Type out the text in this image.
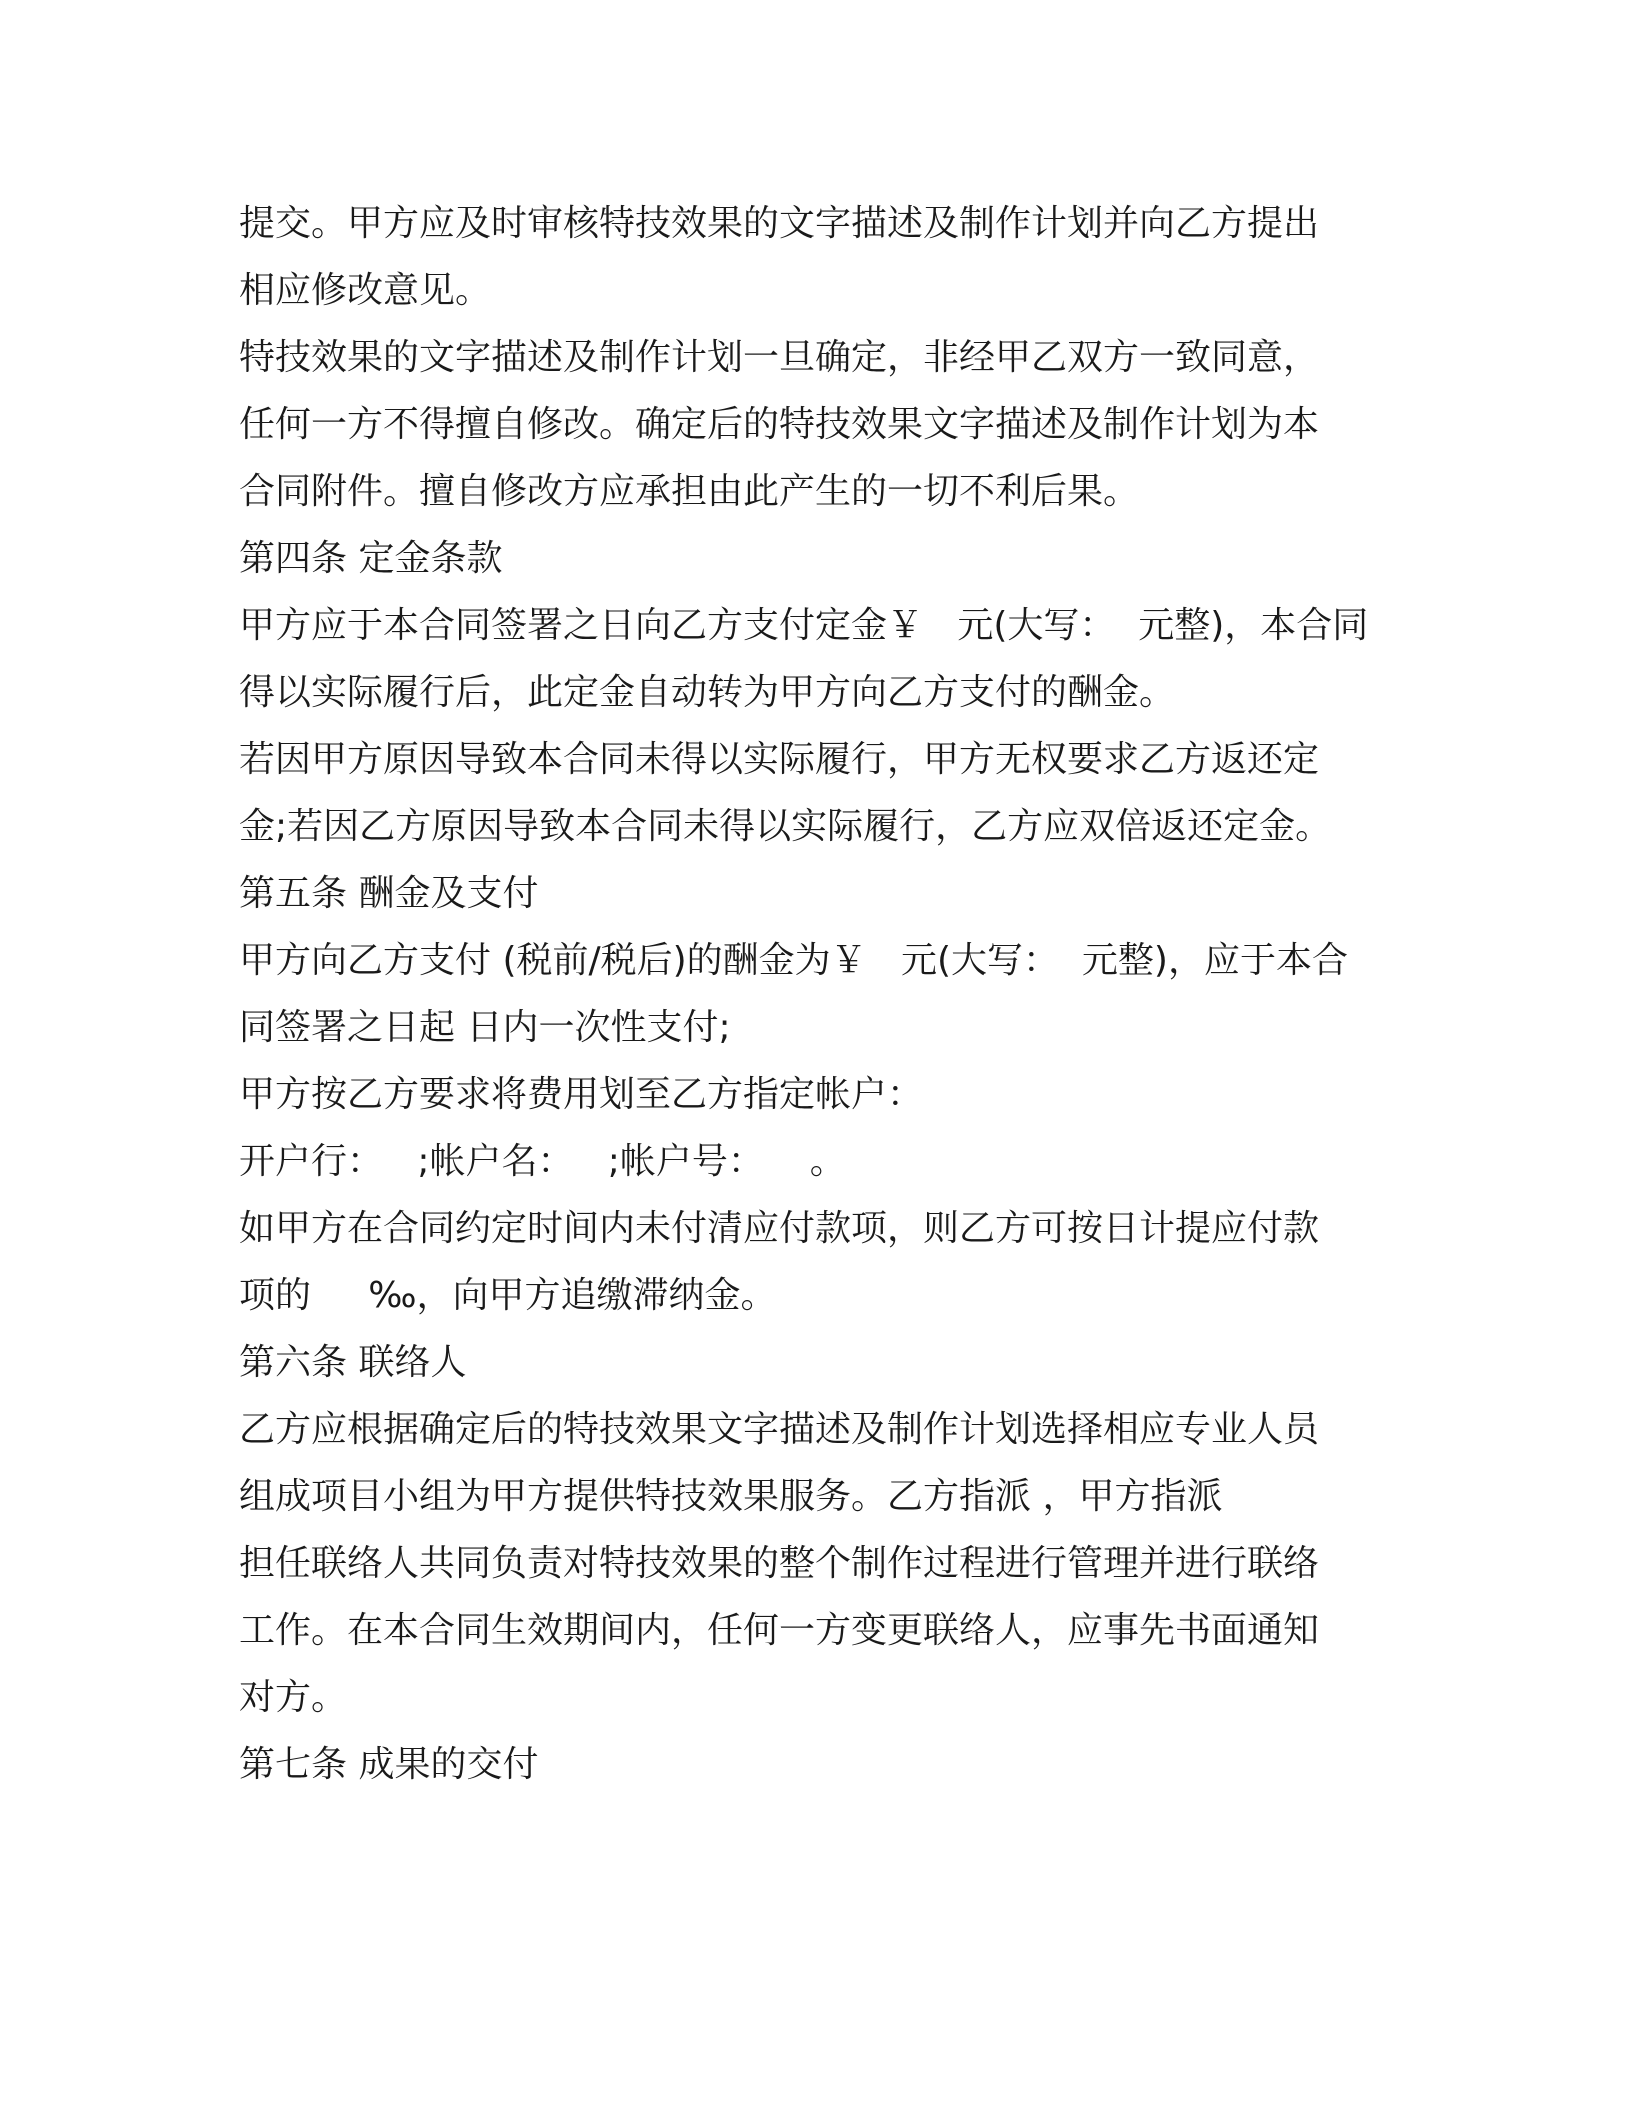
提交。甲方应及时审核特技效果的文字描述及制作计划并向乙方提出
相应修改意见。
特技效果的文字描述及制作计划一旦确定，非经甲乙双方一致同意，
任何一方不得擅自修改。确定后的特技效果文字描述及制作计划为本
合同附件。擅自修改方应承担由此产生的一切不利后果。
第四条 定金条款
甲方应于本合同签署之日向乙方支付定金￥   元(大写：  元整)，本合同
得以实际履行后，此定金自动转为甲方向乙方支付的酬金。
若因甲方原因导致本合同未得以实际履行，甲方无权要求乙方返还定
金;若因乙方原因导致本合同未得以实际履行，乙方应双倍返还定金。
第五条 酬金及支付
甲方向乙方支付 (税前/税后)的酬金为￥   元(大写：  元整)，应于本合
同签署之日起 日内一次性支付;
甲方按乙方要求将费用划至乙方指定帐户：
开户行：   ;帐户名：   ;帐户号：    。
如甲方在合同约定时间内未付清应付款项，则乙方可按日计提应付款
项的     ‰，向甲方追缴滞纳金。
第六条 联络人
乙方应根据确定后的特技效果文字描述及制作计划选择相应专业人员
组成项目小组为甲方提供特技效果服务。乙方指派 ，甲方指派
担任联络人共同负责对特技效果的整个制作过程进行管理并进行联络
工作。在本合同生效期间内，任何一方变更联络人，应事先书面通知
对方。
第七条 成果的交付
